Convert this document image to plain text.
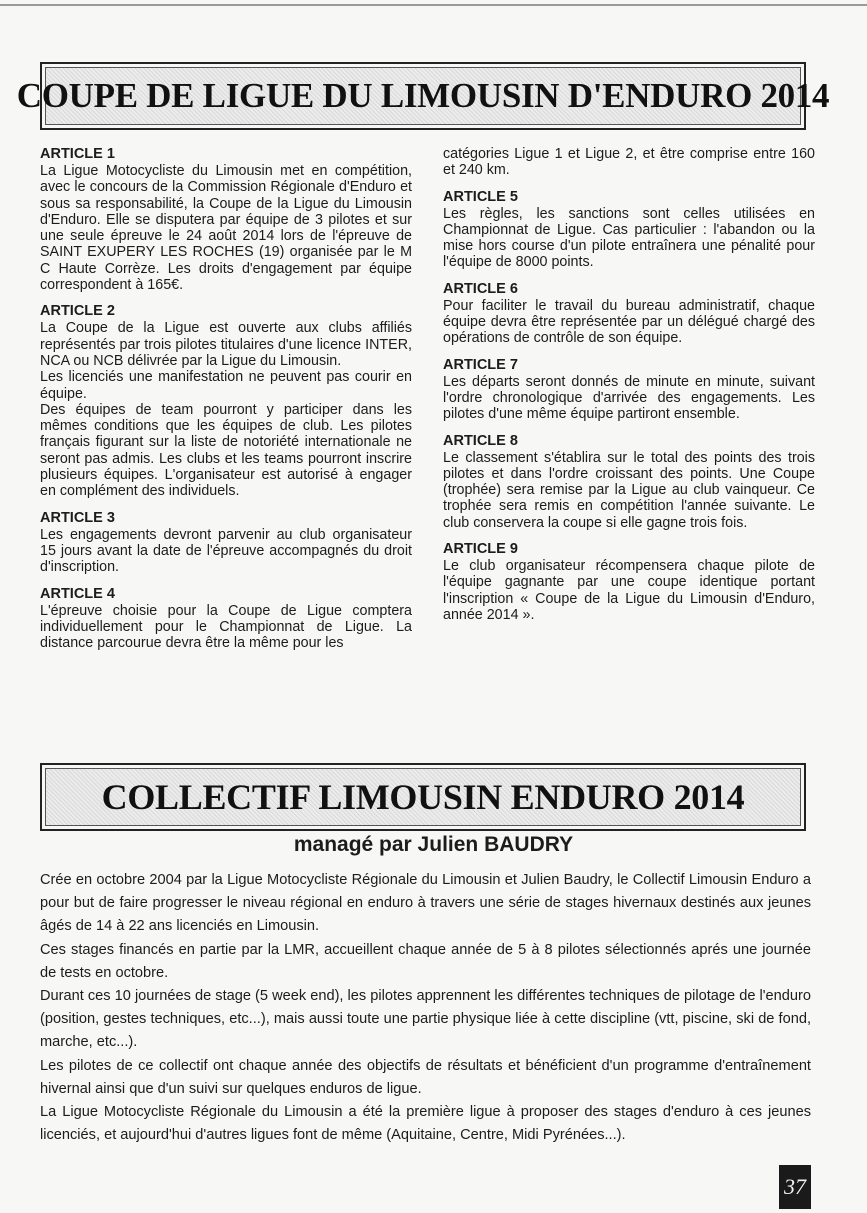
COUPE DE LIGUE DU LIMOUSIN D'ENDURO 2014
ARTICLE 1

La Ligue Motocycliste du Limousin met en compétition, avec le concours de la Commission Régionale d'Enduro et sous sa responsabilité, la Coupe de la Ligue du Limousin d'Enduro. Elle se disputera par équipe de 3 pilotes et sur une seule épreuve le 24 août 2014 lors de l'épreuve de SAINT EXUPERY LES ROCHES (19) organisée par le M C Haute Corrèze. Les droits d'engagement par équipe correspondent à 165€.

ARTICLE 2

La Coupe de la Ligue est ouverte aux clubs affiliés représentés par trois pilotes titulaires d'une licence INTER, NCA ou NCB délivrée par la Ligue du Limousin.

Les licenciés une manifestation ne peuvent pas courir en équipe.

Des équipes de team pourront y participer dans les mêmes conditions que les équipes de club. Les pilotes français figurant sur la liste de notoriété internationale ne seront pas admis. Les clubs et les teams pourront inscrire plusieurs équipes. L'organisateur est autorisé à engager en complément des individuels.

ARTICLE 3

Les engagements devront parvenir au club organisateur 15 jours avant la date de l'épreuve accompagnés du droit d'inscription.

ARTICLE 4

L'épreuve choisie pour la Coupe de Ligue comptera individuellement pour le Championnat de Ligue. La distance parcourue devra être la même pour les

catégories Ligue 1 et Ligue 2, et être comprise entre 160 et 240 km.

ARTICLE 5

Les règles, les sanctions sont celles utilisées en Championnat de Ligue. Cas particulier : l'abandon ou la mise hors course d'un pilote entraînera une pénalité pour l'équipe de 8000 points.

ARTICLE 6

Pour faciliter le travail du bureau administratif, chaque équipe devra être représentée par un délégué chargé des opérations de contrôle de son équipe.

ARTICLE 7

Les départs seront donnés de minute en minute, suivant l'ordre chronologique d'arrivée des engagements. Les pilotes d'une même équipe partiront ensemble.

ARTICLE 8

Le classement s'établira sur le total des points des trois pilotes et dans l'ordre croissant des points. Une Coupe (trophée) sera remise par la Ligue au club vainqueur. Ce trophée sera remis en compétition l'année suivante. Le club conservera la coupe si elle gagne trois fois.

ARTICLE 9

Le club organisateur récompensera chaque pilote de l'équipe gagnante par une coupe identique portant l'inscription « Coupe de la Ligue du Limousin d'Enduro, année 2014 ».

COLLECTIF LIMOUSIN ENDURO 2014
managé par Julien BAUDRY

Crée en octobre 2004 par la Ligue Motocycliste Régionale du Limousin et Julien Baudry, le Collectif Limousin Enduro a pour but de faire progresser le niveau régional en enduro à travers une série de stages hivernaux destinés aux jeunes âgés de 14 à 22 ans licenciés en Limousin.

Ces stages financés en partie par la LMR, accueillent chaque année de 5 à 8 pilotes sélectionnés aprés une journée de tests en octobre.

Durant ces 10 journées de stage (5 week end), les pilotes apprennent les différentes techniques de pilotage de l'enduro (position, gestes techniques, etc...), mais aussi toute une partie physique liée à cette discipline (vtt, piscine, ski de fond, marche, etc...).

Les pilotes de ce collectif ont chaque année des objectifs de résultats et bénéficient d'un programme d'entraînement hivernal ainsi que d'un suivi sur quelques enduros de ligue.

La Ligue Motocycliste Régionale du Limousin a été la première ligue à proposer des stages d'enduro à ces jeunes licenciés, et aujourd'hui d'autres ligues font de même (Aquitaine, Centre, Midi Pyrénées...).

37
